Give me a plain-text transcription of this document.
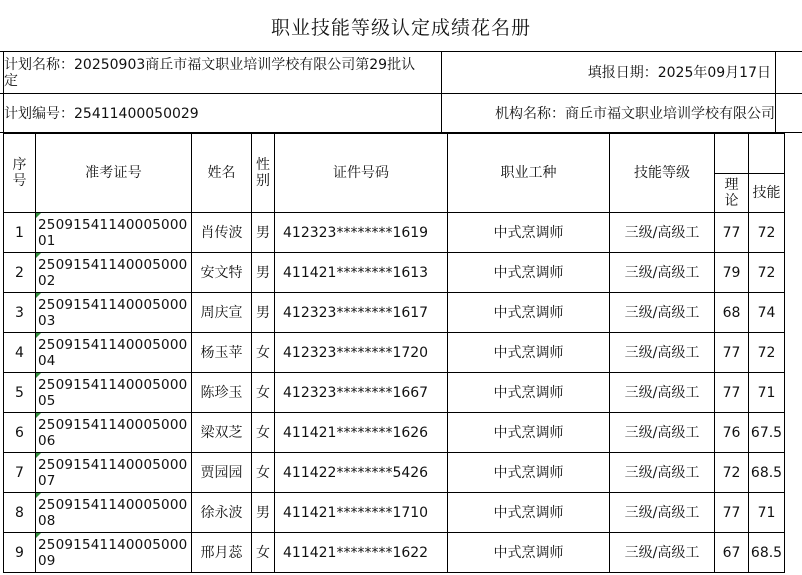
职业技能等级认定成绩花名册
计划名称：20250903商丘市福文职业培训学校有限公司第29批认定	填报日期：2025年09月17日
计划编号：25411400050029	机构名称：商丘市福文职业培训学校有限公司
序号	准考证号	姓名	性别	证件号码	职业工种	技能等级		
							理论	技能
1	2509154114000500001	肖传波	男	412323********1619	中式烹调师	三级/高级工	77	72
2	2509154114000500002	安文特	男	411421********1613	中式烹调师	三级/高级工	79	72
3	2509154114000500003	周庆宣	男	412323********1617	中式烹调师	三级/高级工	68	74
4	2509154114000500004	杨玉苹	女	412323********1720	中式烹调师	三级/高级工	77	72
5	2509154114000500005	陈珍玉	女	412323********1667	中式烹调师	三级/高级工	77	71
6	2509154114000500006	梁双芝	女	411421********1626	中式烹调师	三级/高级工	76	67.5
7	2509154114000500007	贾园园	女	411422********5426	中式烹调师	三级/高级工	72	68.5
8	2509154114000500008	徐永波	男	411421********1710	中式烹调师	三级/高级工	77	71
9	2509154114000500009	邢月蕊	女	411421********1622	中式烹调师	三级/高级工	67	68.5
